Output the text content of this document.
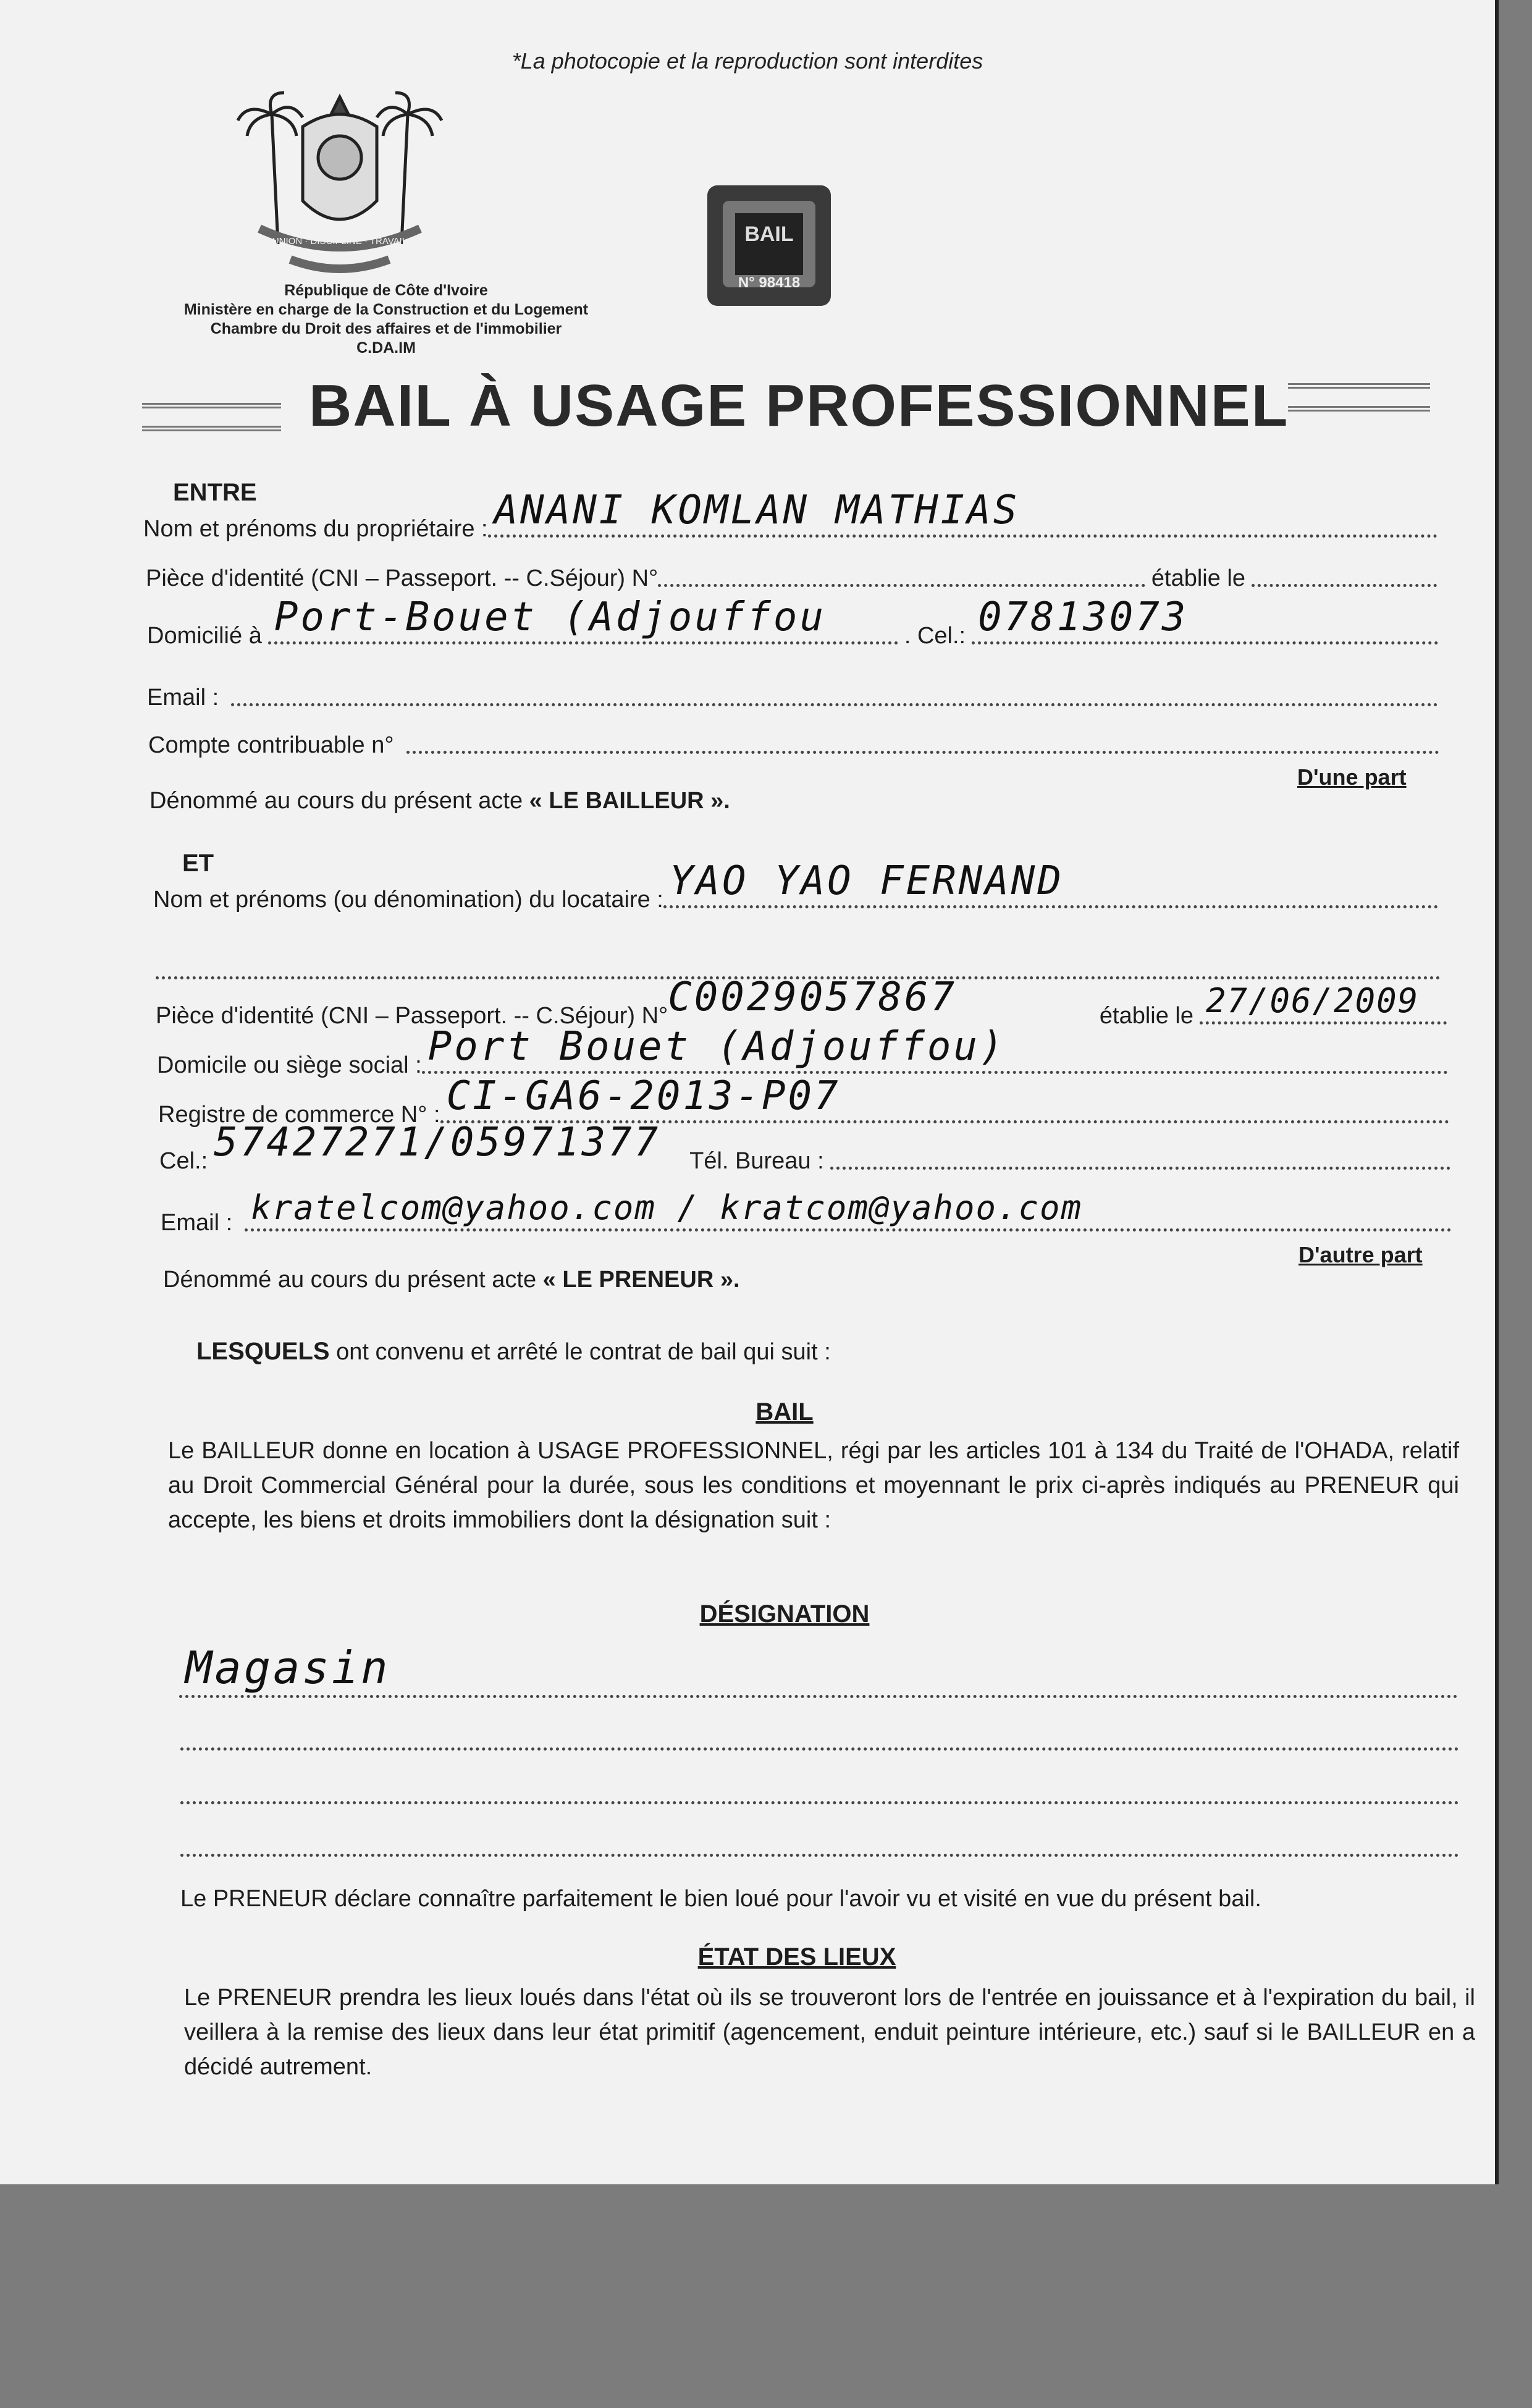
*La photocopie et la reproduction sont interdites
UNION · DISCIPLINE · TRAVAIL	BAIL
N° 98418
République de Côte d'Ivoire
Ministère en charge de la Construction et du Logement
Chambre du Droit des affaires et de l'immobilier
C.DA.IM
BAIL À USAGE PROFESSIONNEL
ENTRE
Nom et prénoms du propriétaire : ANANI KOMLAN MATHIAS
Pièce d'identité (CNI – Passeport. -- C.Séjour) N°	établie le
Domicilié à Port-Bouet (Adjouffou	. Cel.: 07813073
Email :
Compte contribuable n°
D'une part
Dénommé au cours du présent acte « LE BAILLEUR ».
ET
Nom et prénoms (ou dénomination) du locataire : YAO YAO FERNAND
Pièce d'identité (CNI – Passeport. -- C.Séjour) N° C0029057867	établie le 27/06/2009
Domicile ou siège social : Port Bouet (Adjouffou)
Registre de commerce N° : CI-GA6-2013-P07
Cel.: 57427271/05971377 Tél. Bureau :
Email : kratelcom@yahoo.com / kratcom@yahoo.com
D'autre part
Dénommé au cours du présent acte « LE PRENEUR ».
LESQUELS ont convenu et arrêté le contrat de bail qui suit :
BAIL
Le BAILLEUR donne en location à USAGE PROFESSIONNEL, régi par les articles 101 à 134 du Traité de l'OHADA, relatif au Droit Commercial Général pour la durée, sous les conditions et moyennant le prix ci-après indiqués au PRENEUR qui accepte, les biens et droits immobiliers dont la désignation suit :
DÉSIGNATION
Magasin
Le PRENEUR déclare connaître parfaitement le bien loué pour l'avoir vu et visité en vue du présent bail.
ÉTAT DES LIEUX
Le PRENEUR prendra les lieux loués dans l'état où ils se trouveront lors de l'entrée en jouissance et à l'expiration du bail, il veillera à la remise des lieux dans leur état primitif (agencement, enduit peinture intérieure, etc.) sauf si le BAILLEUR en a décidé autrement.
